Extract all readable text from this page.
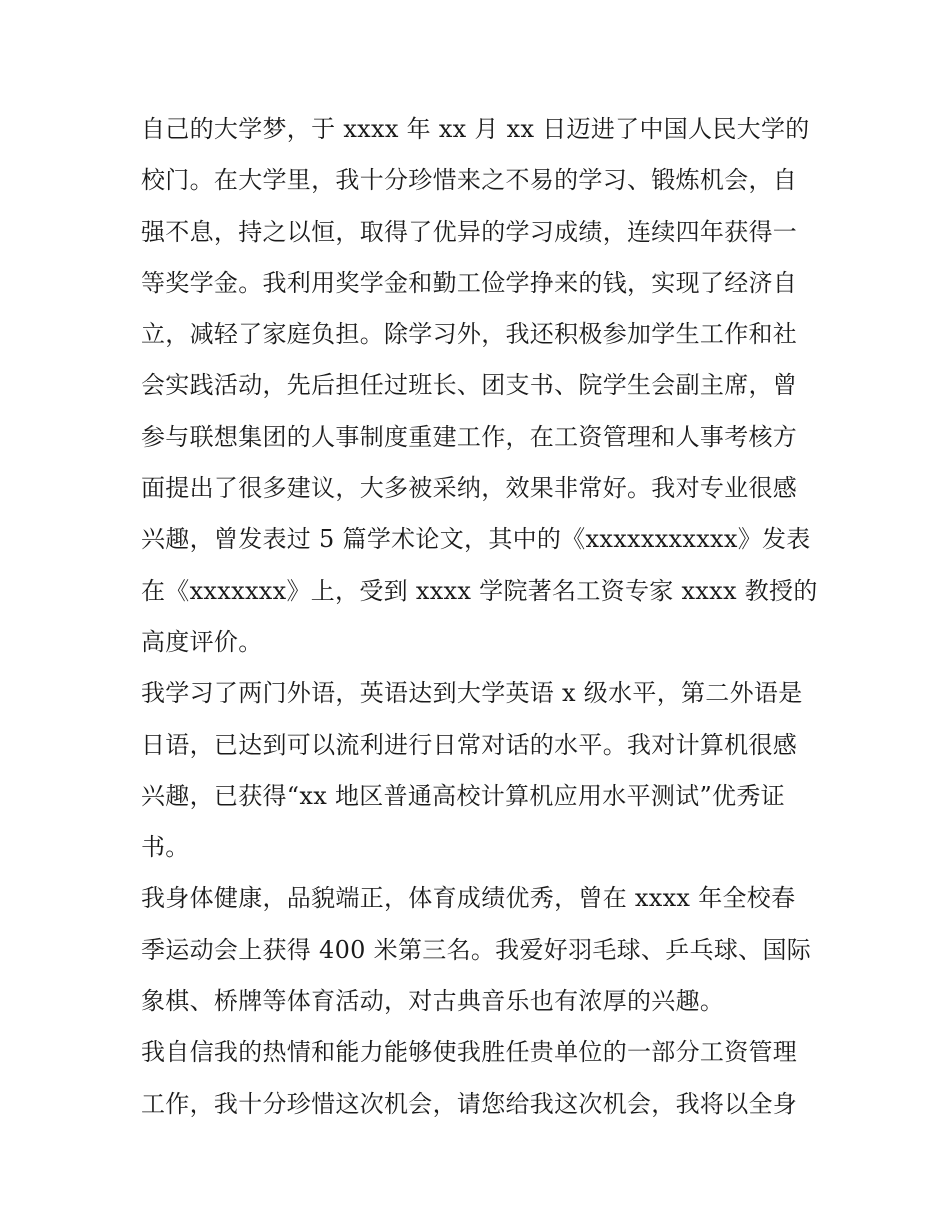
自己的大学梦，于 xxxx 年 xx 月 xx 日迈进了中国人民大学的
校门。在大学里，我十分珍惜来之不易的学习、锻炼机会，自
强不息，持之以恒，取得了优异的学习成绩，连续四年获得一
等奖学金。我利用奖学金和勤工俭学挣来的钱，实现了经济自
立，减轻了家庭负担。除学习外，我还积极参加学生工作和社
会实践活动，先后担任过班长、团支书、院学生会副主席，曾
参与联想集团的人事制度重建工作，在工资管理和人事考核方
面提出了很多建议，大多被采纳，效果非常好。我对专业很感
兴趣，曾发表过 5 篇学术论文，其中的《xxxxxxxxxxx》发表
在《xxxxxxx》上，受到 xxxx 学院著名工资专家 xxxx 教授的
高度评价。
我学习了两门外语，英语达到大学英语 x 级水平，第二外语是
日语，已达到可以流利进行日常对话的水平。我对计算机很感
兴趣，已获得“xx 地区普通高校计算机应用水平测试”优秀证
书。
我身体健康，品貌端正，体育成绩优秀，曾在 xxxx 年全校春
季运动会上获得 400 米第三名。我爱好羽毛球、乒乓球、国际
象棋、桥牌等体育活动，对古典音乐也有浓厚的兴趣。
我自信我的热情和能力能够使我胜任贵单位的一部分工资管理
工作，我十分珍惜这次机会，请您给我这次机会，我将以全身
